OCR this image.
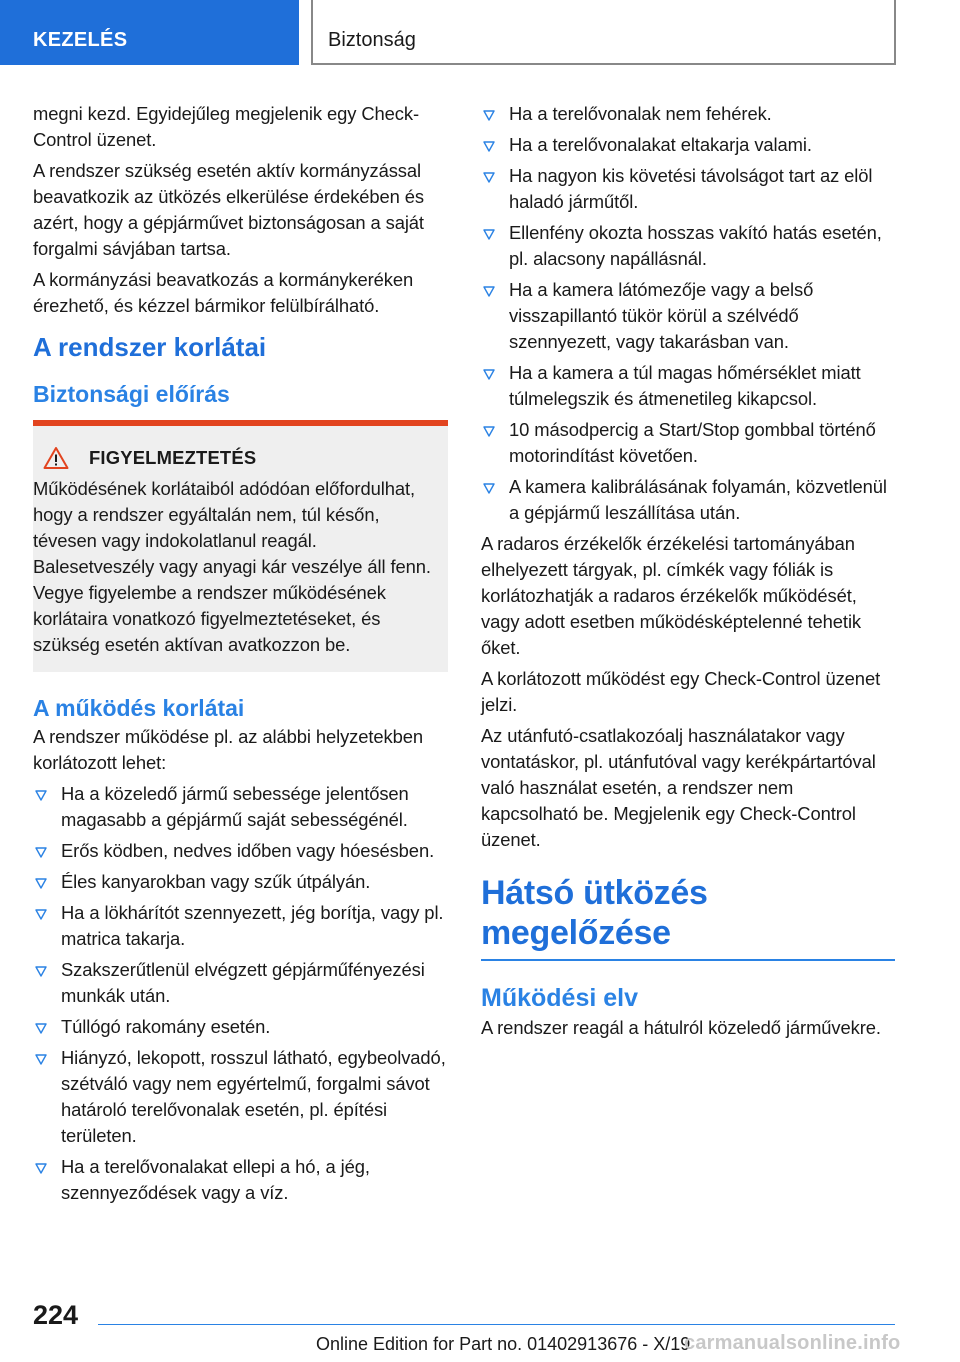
KEZELÉS	Biztonság

megni kezd. Egyidejűleg megjelenik egy Check-Control üzenet.

A rendszer szükség esetén aktív kormányzással beavatkozik az ütközés elkerülése érdekében és azért, hogy a gépjárművet biztonságosan a saját forgalmi sávjában tartsa.

A kormányzási beavatkozás a kormánykeréken érezhető, és kézzel bármikor felülbírálható.

A rendszer korlátai
Biztonsági előírás
FIGYELMEZTETÉS

Működésének korlátaiból adódóan előfordulhat, hogy a rendszer egyáltalán nem, túl későn, tévesen vagy indokolatlanul reagál. Balesetveszély vagy anyagi kár veszélye áll fenn. Vegye figyelembe a rendszer működésének korlátaira vonatkozó figyelmeztetéseket, és szükség esetén aktívan avatkozzon be.

A működés korlátai

A rendszer működése pl. az alábbi helyzetekben korlátozott lehet:

Ha a közeledő jármű sebessége jelentősen magasabb a gépjármű saját sebességénél.
Erős ködben, nedves időben vagy hóesésben.
Éles kanyarokban vagy szűk útpályán.
Ha a lökhárítót szennyezett, jég borítja, vagy pl. matrica takarja.
Szakszerűtlenül elvégzett gépjárműfényezési munkák után.
Túllógó rakomány esetén.
Hiányzó, lekopott, rosszul látható, egybeolvadó, szétváló vagy nem egyértelmű, forgalmi sávot határoló terelővonalak esetén, pl. építési területen.
Ha a terelővonalakat ellepi a hó, a jég, szennyeződések vagy a víz.
Ha a terelővonalak nem fehérek.
Ha a terelővonalakat eltakarja valami.
Ha nagyon kis követési távolságot tart az elöl haladó járműtől.
Ellenfény okozta hosszas vakító hatás esetén, pl. alacsony napállásnál.
Ha a kamera látómezője vagy a belső visszapillantó tükör körül a szélvédő szennyezett, vagy takarásban van.
Ha a kamera a túl magas hőmérséklet miatt túlmelegszik és átmenetileg kikapcsol.
10 másodpercig a Start/Stop gombbal történő motorindítást követően.
A kamera kalibrálásának folyamán, közvetlenül a gépjármű leszállítása után.

A radaros érzékelők érzékelési tartományában elhelyezett tárgyak, pl. címkék vagy fóliák is korlátozhatják a radaros érzékelők működését, vagy adott esetben működésképtelenné tehetik őket.

A korlátozott működést egy Check-Control üzenet jelzi.

Az utánfutó-csatlakozóalj használatakor vagy vontatáskor, pl. utánfutóval vagy kerékpártartóval való használat esetén, a rendszer nem kapcsolható be. Megjelenik egy Check-Control üzenet.

Hátsó ütközés megelőzése
Működési elv

A rendszer reagál a hátulról közeledő járművekre.

224
Online Edition for Part no. 01402913676 - X/19
carmanualsonline.info
